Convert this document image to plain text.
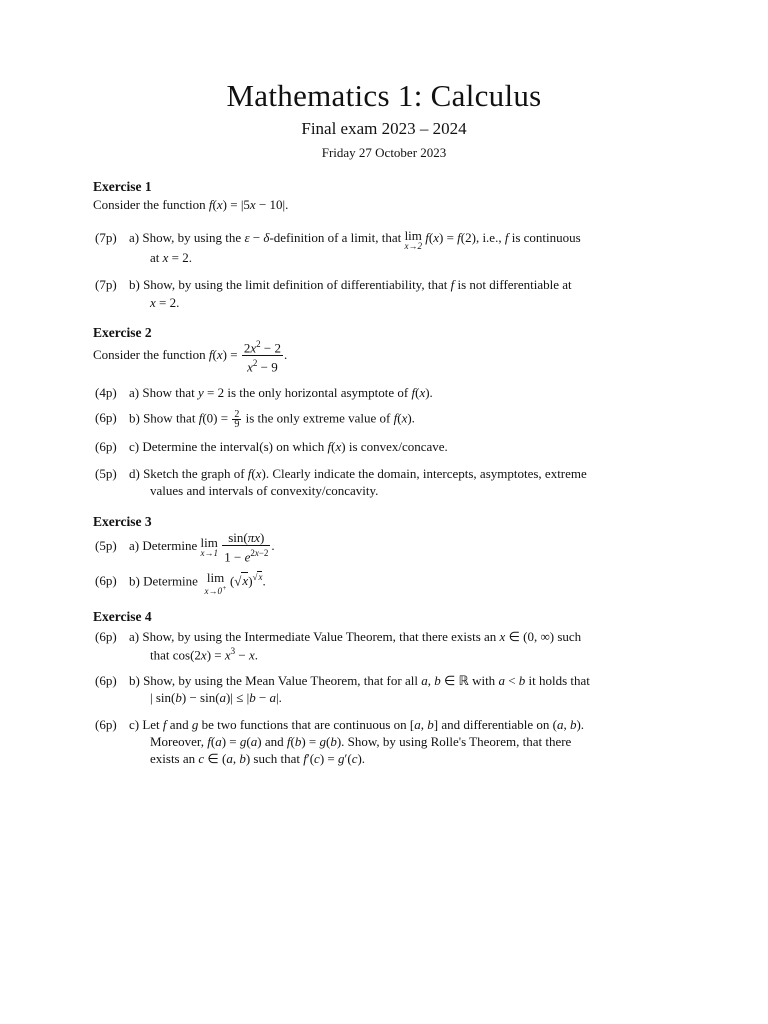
Mathematics 1: Calculus
Final exam 2023 – 2024
Friday 27 October 2023
Exercise 1
Consider the function f(x) = |5x − 10|.
(7p) a) Show, by using the ε − δ-definition of a limit, that lim
x→2
f(x) = f(2), i.e., f is continuous
at x = 2.
(7p) b) Show, by using the limit definition of differentiability, that f is not differentiable at
x = 2.
Exercise 2
Consider the function $f(x) = \frac{2x^2 - 2}{x^2 - 9}$ .
(4p) a) Show that y = 2 is the only horizontal asymptote of f(x).
(6p) b) Show that $f(0) = \frac{2}{9}$ is the only extreme value of f(x).
(6p) c) Determine the interval(s) on which f(x) is convex/concave.
(5p) d) Sketch the graph of f(x). Clearly indicate the domain, intercepts, asymptotes, extreme
values and intervals of convexity/concavity.
Exercise 3
(5p) a) Determine lim
x→1
$\frac{\sin(\pi x)}{1 - e^{2x-2}}$ .
(6p) b) Determine  lim
x→0+ $(√x)^{√x}$.
Exercise 4
(6p) a) Show, by using the Intermediate Value Theorem, that there exists an x ∈ (0, ∞) such
that $\cos(2x) = x^3 - x$.
(6p) b) Show, by using the Mean Value Theorem, that for all a, b ∈ ℝ with a < b it holds that
| sin(b) − sin(a)| ≤ |b − a|.
(6p) c) Let f and g be two functions that are continuous on [a, b] and differentiable on (a, b).
Moreover, f(a) = g(a) and f(b) = g(b). Show, by using Rolle's Theorem, that there
exists an c ∈ (a, b) such that f′(c) = g′(c).
